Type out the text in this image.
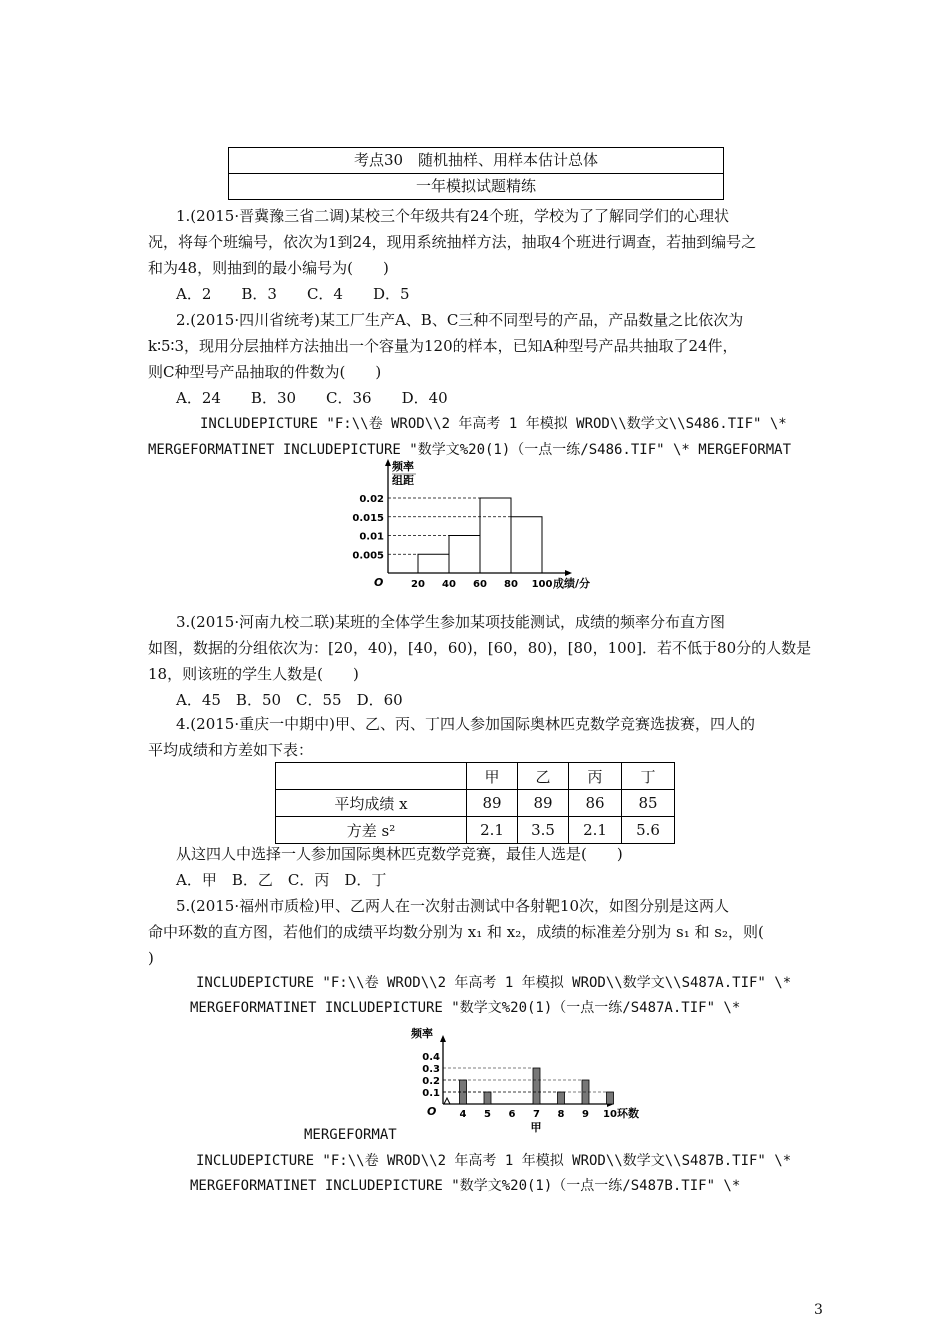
考点30　随机抽样、用样本估计总体
一年模拟试题精练
1.(2015·晋冀豫三省二调)某校三个年级共有24个班，学校为了了解同学们的心理状
况，将每个班编号，依次为1到24，现用系统抽样方法，抽取4个班进行调查，若抽到编号之
和为48，则抽到的最小编号为(　　)
A．2　　B．3　　C．4　　D．5
2.(2015·四川省统考)某工厂生产A、B、C三种不同型号的产品，产品数量之比依次为
k∶5∶3，现用分层抽样方法抽出一个容量为120的样本，已知A种型号产品共抽取了24件，
则C种型号产品抽取的件数为(　　)
A．24　　B．30　　C．36　　D．40
INCLUDEPICTURE "F:\\卷 WROD\\2 年高考 1 年模拟 WROD\\数学文\\S486.TIF" \*
MERGEFORMATINET INCLUDEPICTURE "数学文%20(1)（一点一练/S486.TIF" \* MERGEFORMAT
频率
组距
O
0.005
0.01
0.015
0.02
20 40 60 80 100 成绩/分
3.(2015·河南九校二联)某班的全体学生参加某项技能测试，成绩的频率分布直方图
如图，数据的分组依次为：[20，40)，[40，60)，[60，80)，[80，100]．若不低于80分的人数是
18，则该班的学生人数是(　　)
A．45　B．50　C．55　D．60
4.(2015·重庆一中期中)甲、乙、丙、丁四人参加国际奥林匹克数学竞赛选拔赛，四人的
平均成绩和方差如下表：
	甲	乙	丙	丁
平均成绩 x	89	89	86	85
方差 s²	2.1	3.5	2.1	5.6
从这四人中选择一人参加国际奥林匹克数学竞赛，最佳人选是(　　)
A．甲　B．乙　C．丙　D．丁
5.(2015·福州市质检)甲、乙两人在一次射击测试中各射靶10次，如图分别是这两人
命中环数的直方图，若他们的成绩平均数分别为 x₁ 和 x₂，成绩的标准差分别为 s₁ 和 s₂，则(
)
INCLUDEPICTURE "F:\\卷 WROD\\2 年高考 1 年模拟 WROD\\数学文\\S487A.TIF" \*
MERGEFORMATINET INCLUDEPICTURE "数学文%20(1)（一点一练/S487A.TIF" \*
频率
O
0.1
0.2
0.3
0.4
4 5 6 7 8 9 10 环数
甲
MERGEFORMAT
INCLUDEPICTURE "F:\\卷 WROD\\2 年高考 1 年模拟 WROD\\数学文\\S487B.TIF" \*
MERGEFORMATINET INCLUDEPICTURE "数学文%20(1)（一点一练/S487B.TIF" \*
3
